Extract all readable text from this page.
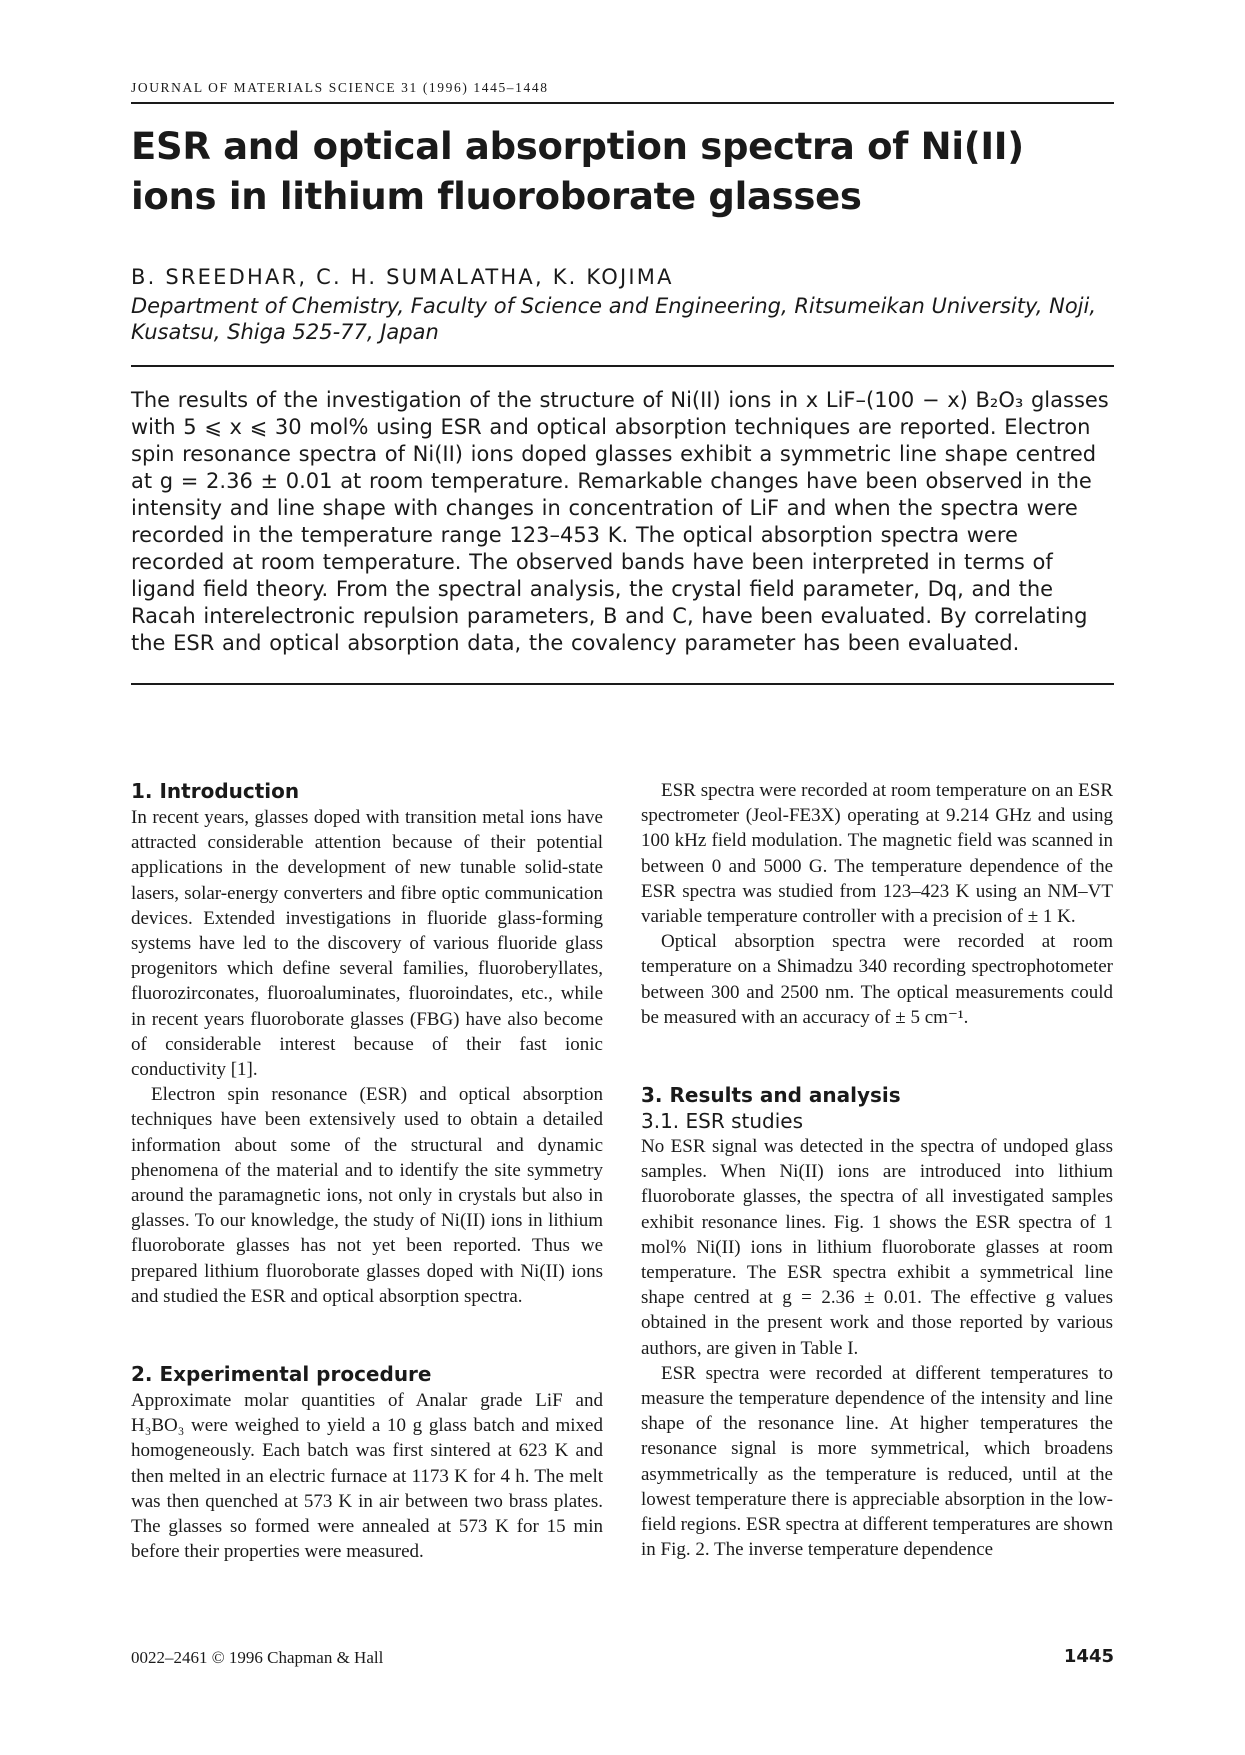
JOURNAL OF MATERIALS SCIENCE 31 (1996) 1445–1448
ESR and optical absorption spectra of Ni(II) ions in lithium fluoroborate glasses
B. SREEDHAR, C. H. SUMALATHA, K. KOJIMA
Department of Chemistry, Faculty of Science and Engineering, Ritsumeikan University, Noji, Kusatsu, Shiga 525-77, Japan

The results of the investigation of the structure of Ni(II) ions in x LiF–(100 − x) B₂O₃ glasses with 5 ⩽ x ⩽ 30 mol% using ESR and optical absorption techniques are reported. Electron spin resonance spectra of Ni(II) ions doped glasses exhibit a symmetric line shape centred at g = 2.36 ± 0.01 at room temperature. Remarkable changes have been observed in the intensity and line shape with changes in concentration of LiF and when the spectra were recorded in the temperature range 123–453 K. The optical absorption spectra were recorded at room temperature. The observed bands have been interpreted in terms of ligand field theory. From the spectral analysis, the crystal field parameter, Dq, and the Racah interelectronic repulsion parameters, B and C, have been evaluated. By correlating the ESR and optical absorption data, the covalency parameter has been evaluated.

1. Introduction

In recent years, glasses doped with transition metal ions have attracted considerable attention because of their potential applications in the development of new tunable solid-state lasers, solar-energy converters and fibre optic communication devices. Extended investigations in fluoride glass-forming systems have led to the discovery of various fluoride glass progenitors which define several families, fluoroberyllates, fluorozirconates, fluoroaluminates, fluoroindates, etc., while in recent years fluoroborate glasses (FBG) have also become of considerable interest because of their fast ionic conductivity [1].

Electron spin resonance (ESR) and optical absorption techniques have been extensively used to obtain a detailed information about some of the structural and dynamic phenomena of the material and to identify the site symmetry around the paramagnetic ions, not only in crystals but also in glasses. To our knowledge, the study of Ni(II) ions in lithium fluoroborate glasses has not yet been reported. Thus we prepared lithium fluoroborate glasses doped with Ni(II) ions and studied the ESR and optical absorption spectra.

2. Experimental procedure

Approximate molar quantities of Analar grade LiF and H₃BO₃ were weighed to yield a 10 g glass batch and mixed homogeneously. Each batch was first sintered at 623 K and then melted in an electric furnace at 1173 K for 4 h. The melt was then quenched at 573 K in air between two brass plates. The glasses so formed were annealed at 573 K for 15 min before their properties were measured.

ESR spectra were recorded at room temperature on an ESR spectrometer (Jeol-FE3X) operating at 9.214 GHz and using 100 kHz field modulation. The magnetic field was scanned in between 0 and 5000 G. The temperature dependence of the ESR spectra was studied from 123–423 K using an NM–VT variable temperature controller with a precision of ± 1 K.

Optical absorption spectra were recorded at room temperature on a Shimadzu 340 recording spectrophotometer between 300 and 2500 nm. The optical measurements could be measured with an accuracy of ± 5 cm⁻¹.

3. Results and analysis
3.1. ESR studies

No ESR signal was detected in the spectra of undoped glass samples. When Ni(II) ions are introduced into lithium fluoroborate glasses, the spectra of all investigated samples exhibit resonance lines. Fig. 1 shows the ESR spectra of 1 mol% Ni(II) ions in lithium fluoroborate glasses at room temperature. The ESR spectra exhibit a symmetrical line shape centred at g = 2.36 ± 0.01. The effective g values obtained in the present work and those reported by various authors, are given in Table I.

ESR spectra were recorded at different temperatures to measure the temperature dependence of the intensity and line shape of the resonance line. At higher temperatures the resonance signal is more symmetrical, which broadens asymmetrically as the temperature is reduced, until at the lowest temperature there is appreciable absorption in the low-field regions. ESR spectra at different temperatures are shown in Fig. 2. The inverse temperature dependence

0022–2461 © 1996 Chapman & Hall	1445
